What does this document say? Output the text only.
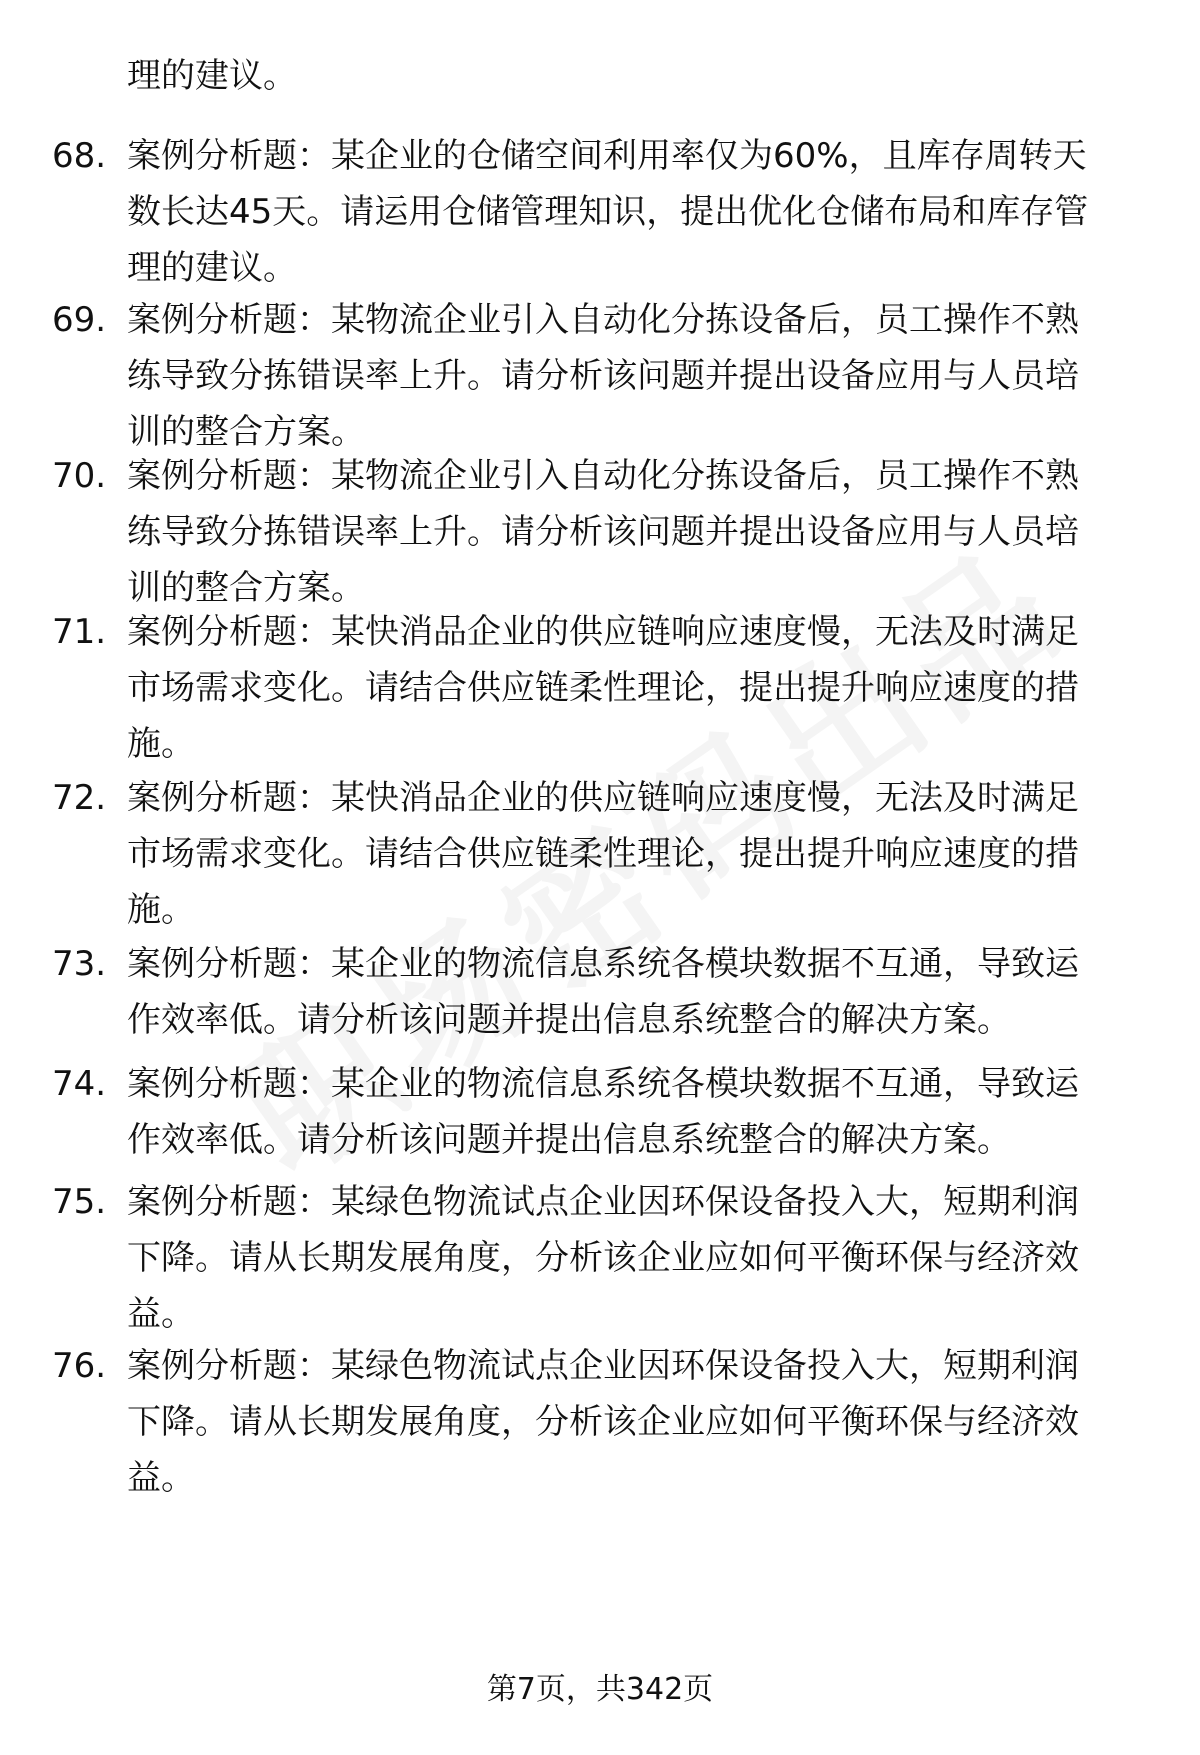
理的建议。
68. 案例分析题：某企业的仓储空间利用率仅为60%，且库存周转天
数长达45天。请运用仓储管理知识，提出优化仓储布局和库存管
理的建议。
69. 案例分析题：某物流企业引入自动化分拣设备后，员工操作不熟
练导致分拣错误率上升。请分析该问题并提出设备应用与人员培
训的整合方案。
70. 案例分析题：某物流企业引入自动化分拣设备后，员工操作不熟
练导致分拣错误率上升。请分析该问题并提出设备应用与人员培
训的整合方案。
71. 案例分析题：某快消品企业的供应链响应速度慢，无法及时满足
市场需求变化。请结合供应链柔性理论，提出提升响应速度的措
施。
72. 案例分析题：某快消品企业的供应链响应速度慢，无法及时满足
市场需求变化。请结合供应链柔性理论，提出提升响应速度的措
施。
73. 案例分析题：某企业的物流信息系统各模块数据不互通，导致运
作效率低。请分析该问题并提出信息系统整合的解决方案。
74. 案例分析题：某企业的物流信息系统各模块数据不互通，导致运
作效率低。请分析该问题并提出信息系统整合的解决方案。
75. 案例分析题：某绿色物流试点企业因环保设备投入大，短期利润
下降。请从长期发展角度，分析该企业应如何平衡环保与经济效
益。
76. 案例分析题：某绿色物流试点企业因环保设备投入大，短期利润
下降。请从长期发展角度，分析该企业应如何平衡环保与经济效
益。
第7页，共342页
